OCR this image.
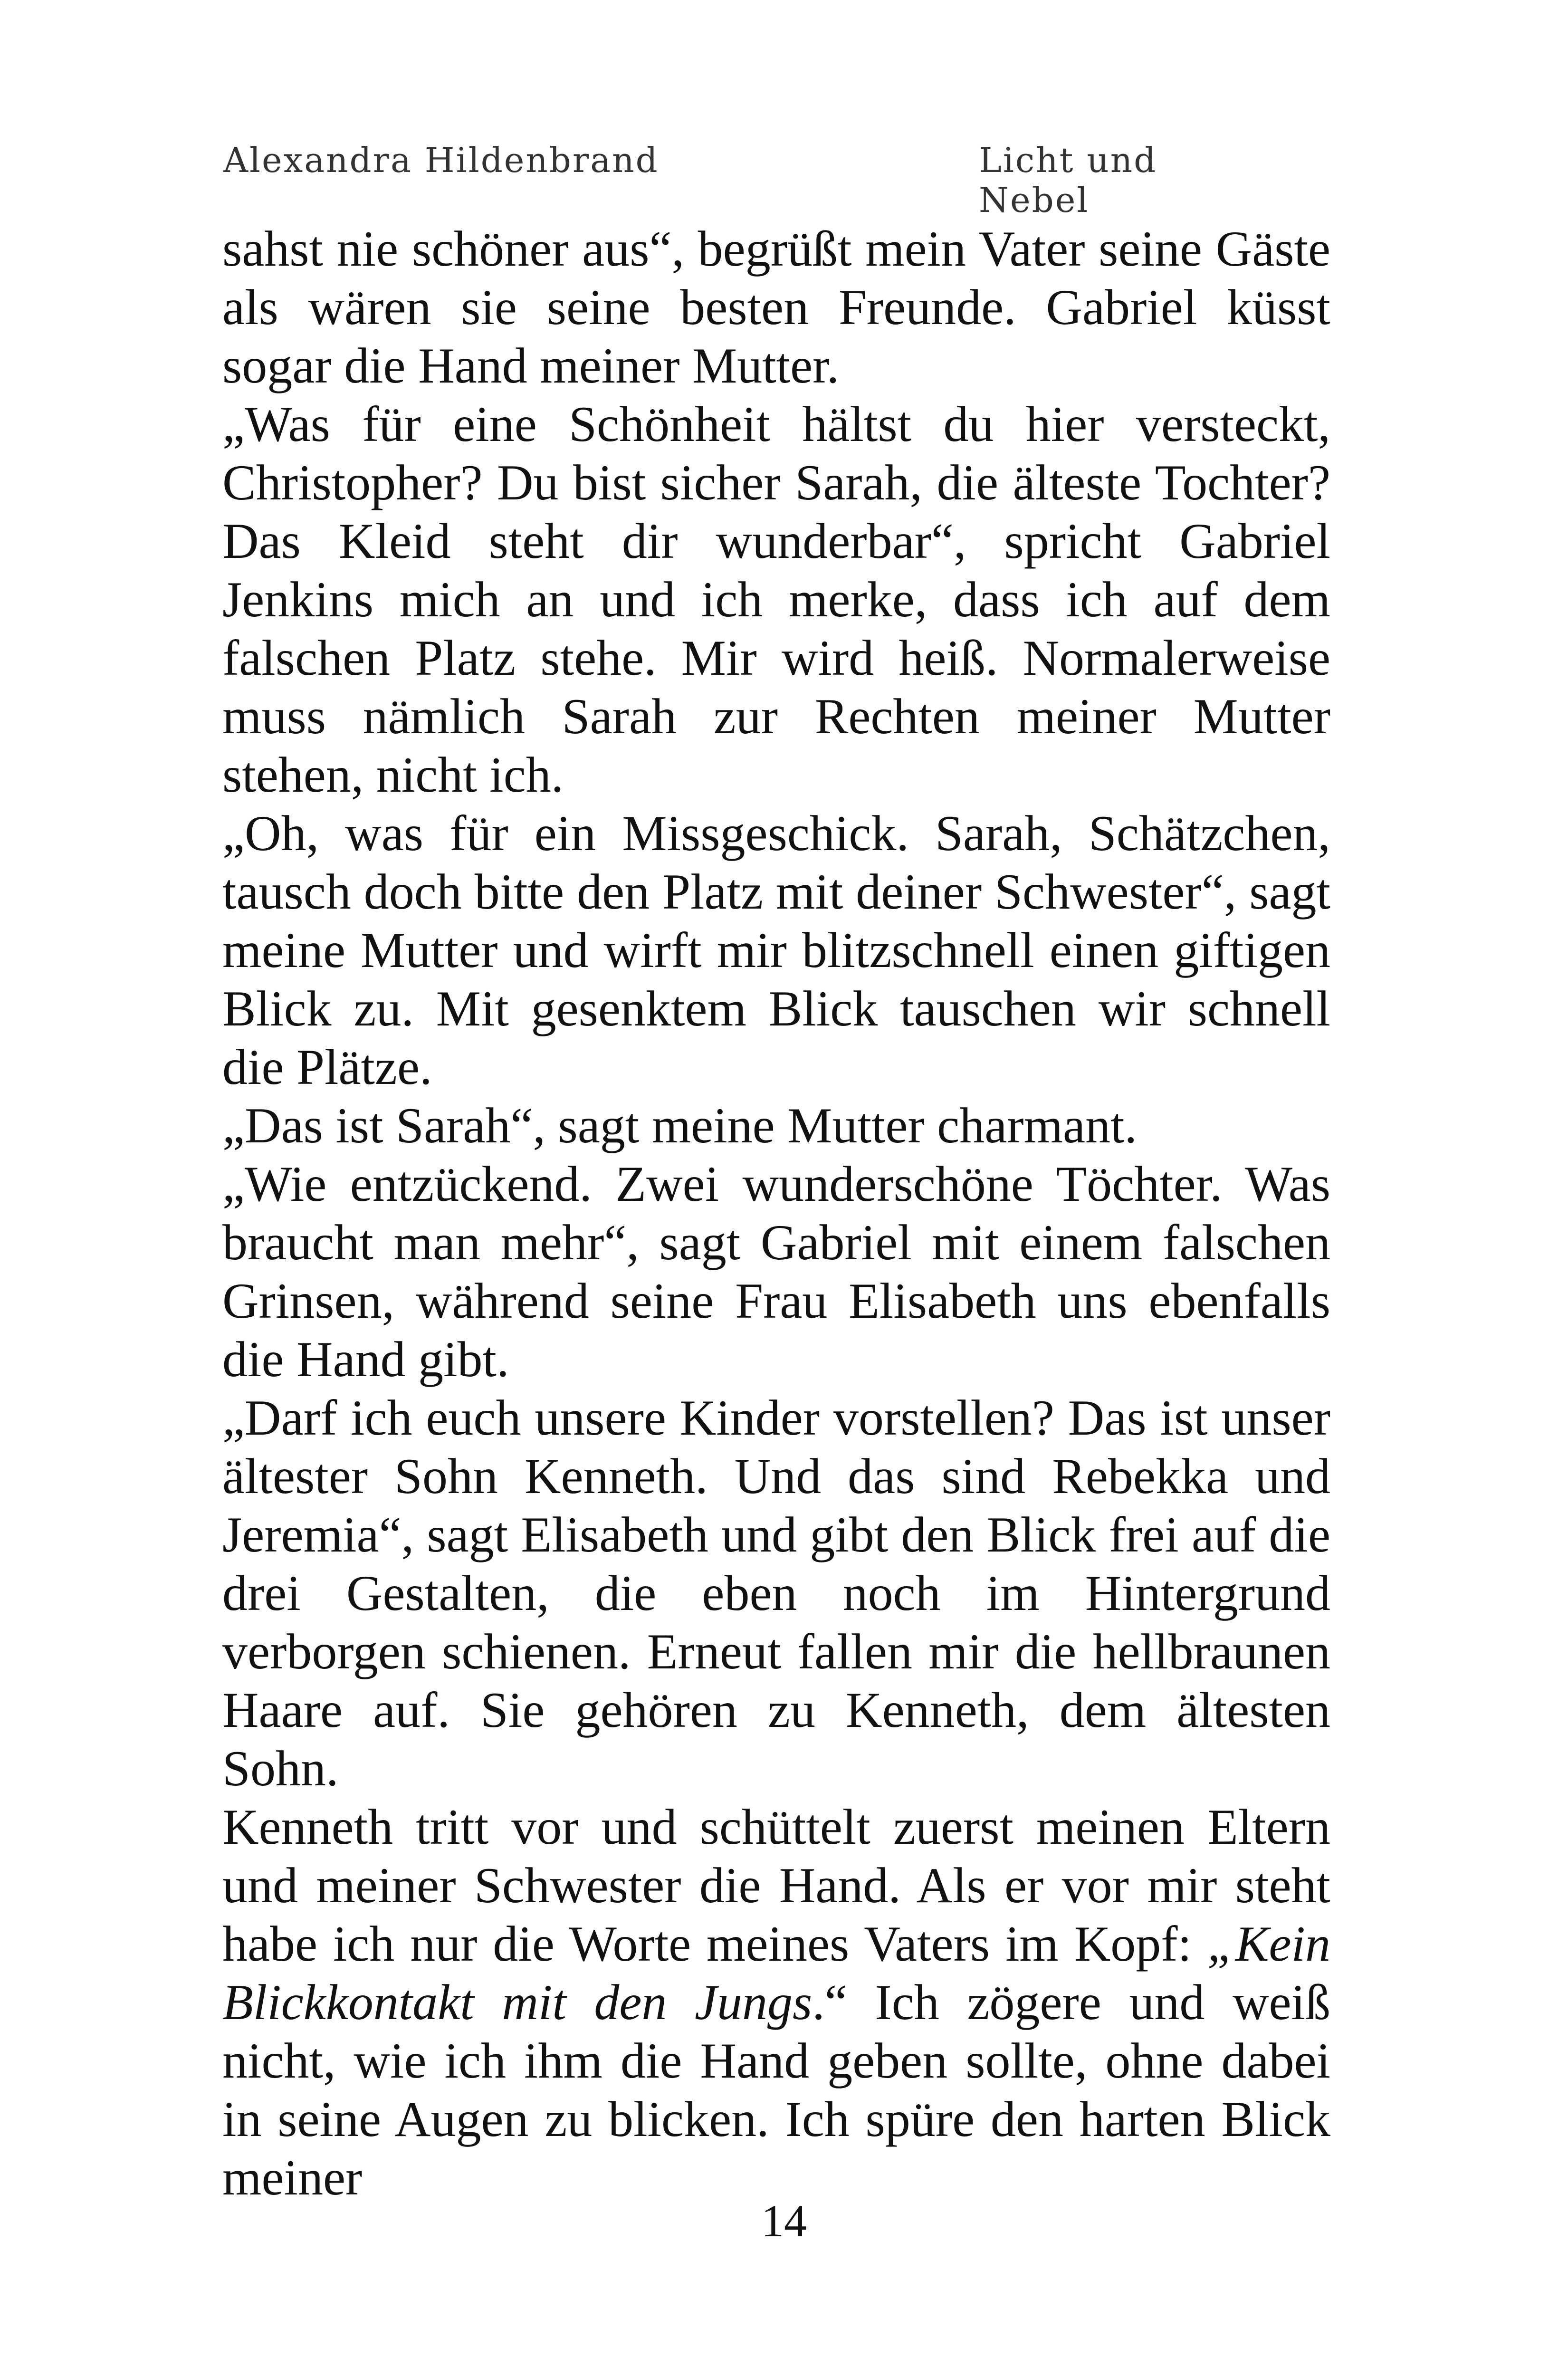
Alexandra Hildenbrand	Licht und Nebel

sahst nie schöner aus“, begrüßt mein Vater seine Gäste als wären sie seine besten Freunde. Gabriel küsst sogar die Hand meiner Mutter.

„Was für eine Schönheit hältst du hier versteckt, Christopher? Du bist sicher Sarah, die älteste Tochter? Das Kleid steht dir wunderbar“, spricht Gabriel Jenkins mich an und ich merke, dass ich auf dem falschen Platz stehe. Mir wird heiß. Normalerweise muss nämlich Sarah zur Rechten meiner Mutter stehen, nicht ich.

„Oh, was für ein Missgeschick. Sarah, Schätzchen, tausch doch bitte den Platz mit deiner Schwester“, sagt meine Mutter und wirft mir blitzschnell einen giftigen Blick zu. Mit gesenktem Blick tauschen wir schnell die Plätze.

„Das ist Sarah“, sagt meine Mutter charmant.

„Wie entzückend. Zwei wunderschöne Töchter. Was braucht man mehr“, sagt Gabriel mit einem falschen Grinsen, während seine Frau Elisabeth uns ebenfalls die Hand gibt.

„Darf ich euch unsere Kinder vorstellen? Das ist unser ältester Sohn Kenneth. Und das sind Rebekka und Jeremia“, sagt Elisabeth und gibt den Blick frei auf die drei Gestalten, die eben noch im Hintergrund verborgen schienen. Erneut fallen mir die hellbraunen Haare auf. Sie gehören zu Kenneth, dem ältesten Sohn.

Kenneth tritt vor und schüttelt zuerst meinen Eltern und meiner Schwester die Hand. Als er vor mir steht habe ich nur die Worte meines Vaters im Kopf: „Kein Blickkontakt mit den Jungs.“ Ich zögere und weiß nicht, wie ich ihm die Hand geben sollte, ohne dabei in seine Augen zu blicken. Ich spüre den harten Blick meiner

14
